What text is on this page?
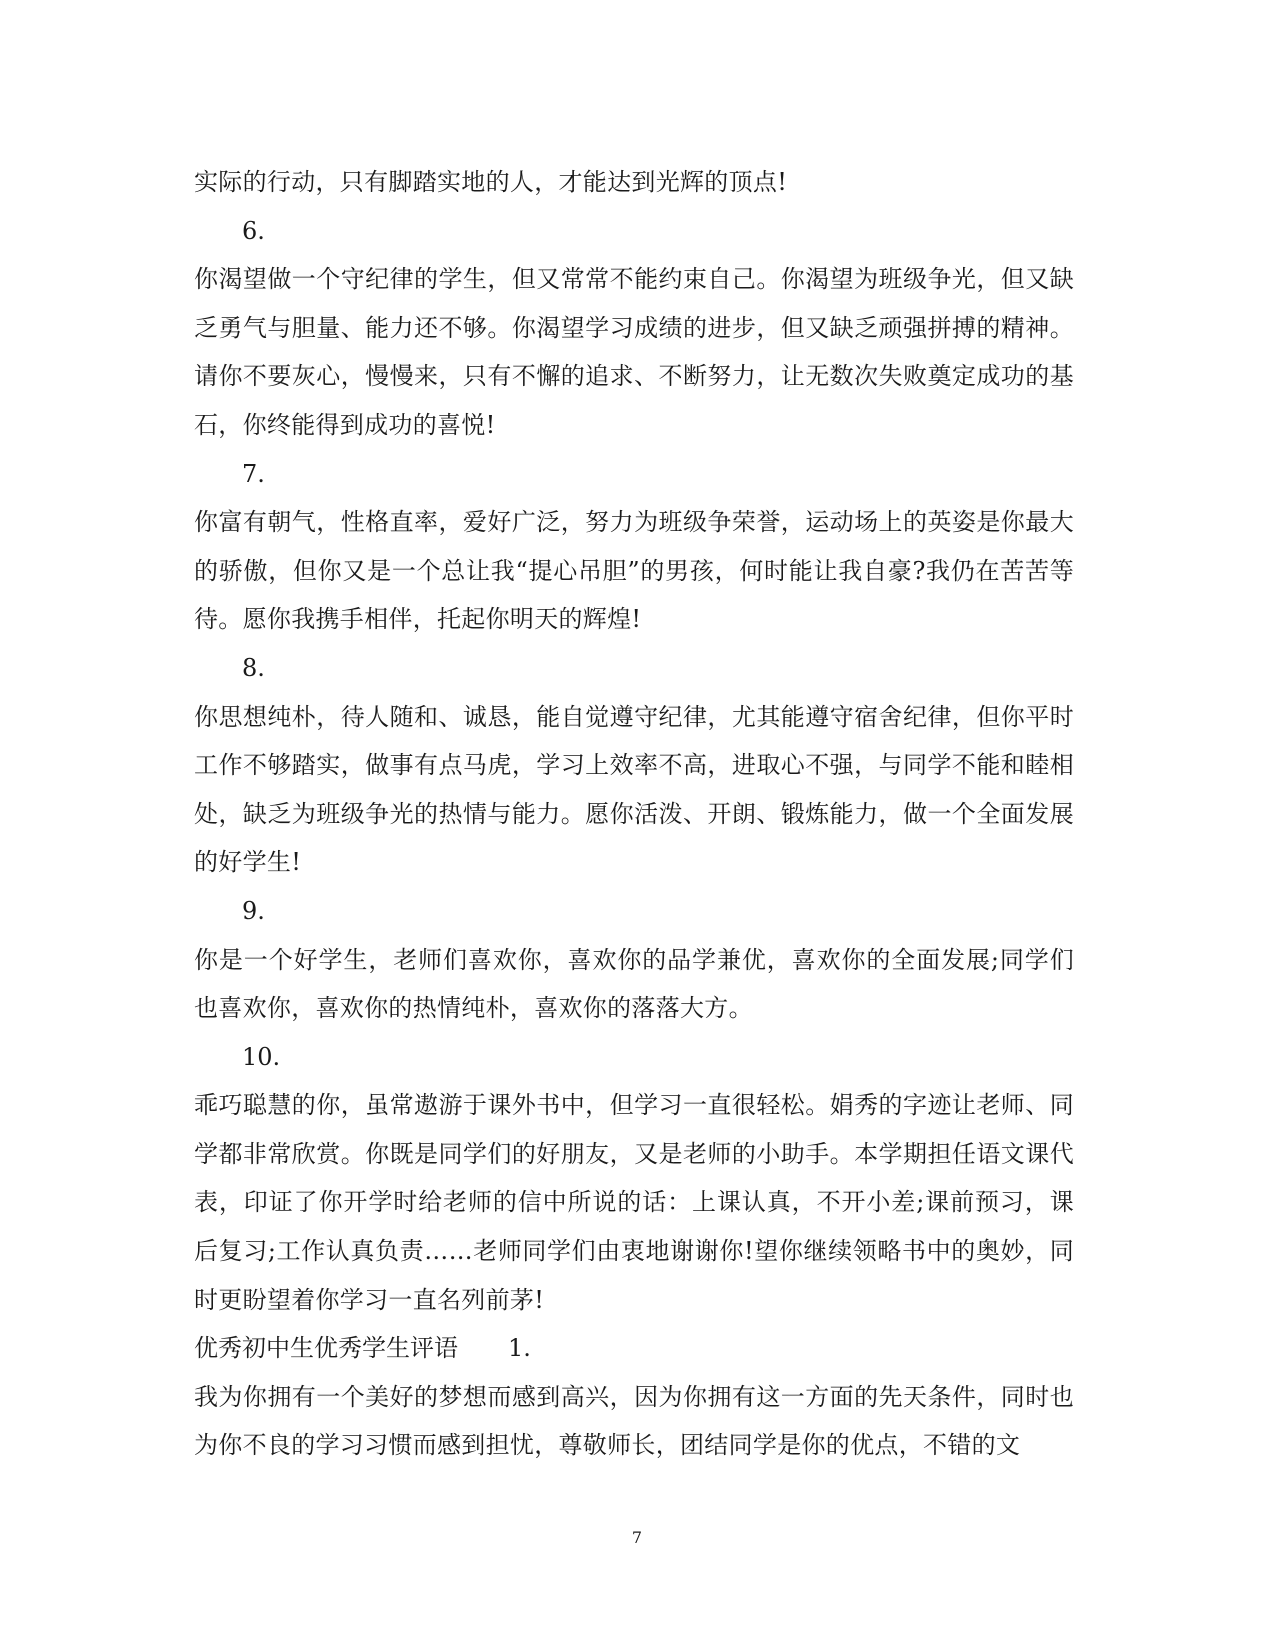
实际的行动，只有脚踏实地的人，才能达到光辉的顶点!

6.

你渴望做一个守纪律的学生，但又常常不能约束自己。你渴望为班级争光，但又缺乏勇气与胆量、能力还不够。你渴望学习成绩的进步，但又缺乏顽强拼搏的精神。请你不要灰心，慢慢来，只有不懈的追求、不断努力，让无数次失败奠定成功的基石，你终能得到成功的喜悦!

7.

你富有朝气，性格直率，爱好广泛，努力为班级争荣誉，运动场上的英姿是你最大的骄傲，但你又是一个总让我“提心吊胆”的男孩，何时能让我自豪?我仍在苦苦等待。愿你我携手相伴，托起你明天的辉煌!

8.

你思想纯朴，待人随和、诚恳，能自觉遵守纪律，尤其能遵守宿舍纪律，但你平时工作不够踏实，做事有点马虎，学习上效率不高，进取心不强，与同学不能和睦相处，缺乏为班级争光的热情与能力。愿你活泼、开朗、锻炼能力，做一个全面发展的好学生!

9.

你是一个好学生，老师们喜欢你，喜欢你的品学兼优，喜欢你的全面发展;同学们也喜欢你，喜欢你的热情纯朴，喜欢你的落落大方。

10.

乖巧聪慧的你，虽常遨游于课外书中，但学习一直很轻松。娟秀的字迹让老师、同学都非常欣赏。你既是同学们的好朋友，又是老师的小助手。本学期担任语文课代表，印证了你开学时给老师的信中所说的话：上课认真，不开小差;课前预习，课后复习;工作认真负责……老师同学们由衷地谢谢你!望你继续领略书中的奥妙，同时更盼望着你学习一直名列前茅!

优秀初中生优秀学生评语 1.

我为你拥有一个美好的梦想而感到高兴，因为你拥有这一方面的先天条件，同时也为你不良的学习习惯而感到担忧，尊敬师长，团结同学是你的优点，不错的文

7
